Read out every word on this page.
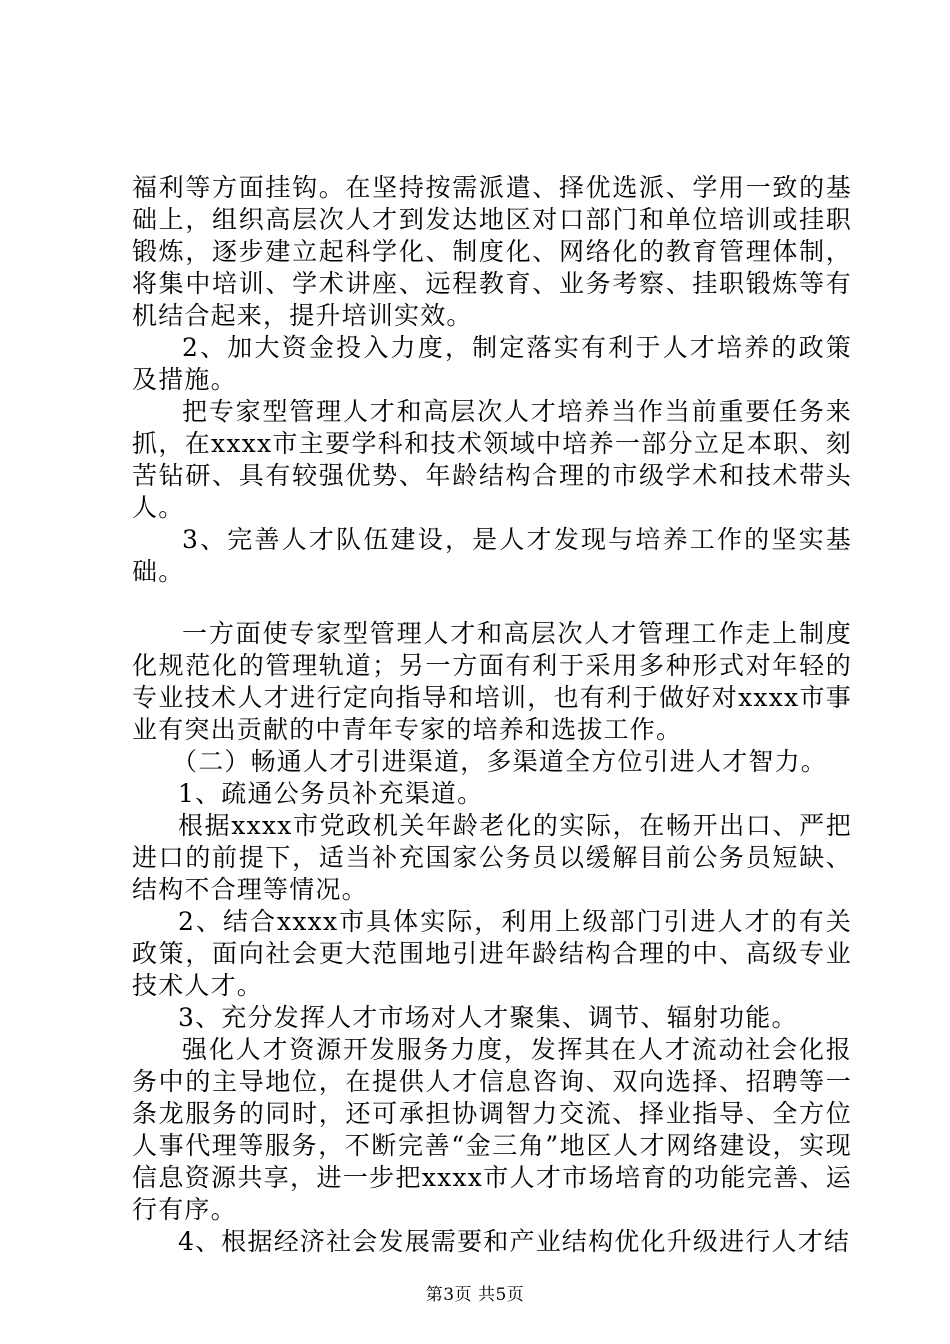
福利等方面挂钩。在坚持按需派遣、择优选派、学用一致的基础上，组织高层次人才到发达地区对口部门和单位培训或挂职锻炼，逐步建立起科学化、制度化、网络化的教育管理体制，将集中培训、学术讲座、远程教育、业务考察、挂职锻炼等有机结合起来，提升培训实效。

2、加大资金投入力度，制定落实有利于人才培养的政策及措施。

把专家型管理人才和高层次人才培养当作当前重要任务来抓，在xxxx市主要学科和技术领域中培养一部分立足本职、刻苦钻研、具有较强优势、年龄结构合理的市级学术和技术带头人。

3、完善人才队伍建设，是人才发现与培养工作的坚实基础。

一方面使专家型管理人才和高层次人才管理工作走上制度化规范化的管理轨道；另一方面有利于采用多种形式对年轻的专业技术人才进行定向指导和培训，也有利于做好对xxxx市事业有突出贡献的中青年专家的培养和选拔工作。

（二）畅通人才引进渠道，多渠道全方位引进人才智力。

1、疏通公务员补充渠道。

根据xxxx市党政机关年龄老化的实际，在畅开出口、严把进口的前提下，适当补充国家公务员以缓解目前公务员短缺、结构不合理等情况。

2、结合xxxx市具体实际，利用上级部门引进人才的有关政策，面向社会更大范围地引进年龄结构合理的中、高级专业技术人才。

3、充分发挥人才市场对人才聚集、调节、辐射功能。

强化人才资源开发服务力度，发挥其在人才流动社会化报务中的主导地位，在提供人才信息咨询、双向选择、招聘等一条龙服务的同时，还可承担协调智力交流、择业指导、全方位人事代理等服务，不断完善“金三角”地区人才网络建设，实现信息资源共享，进一步把xxxx市人才市场培育的功能完善、运行有序。

4、根据经济社会发展需要和产业结构优化升级进行人才结

第3页 共5页
